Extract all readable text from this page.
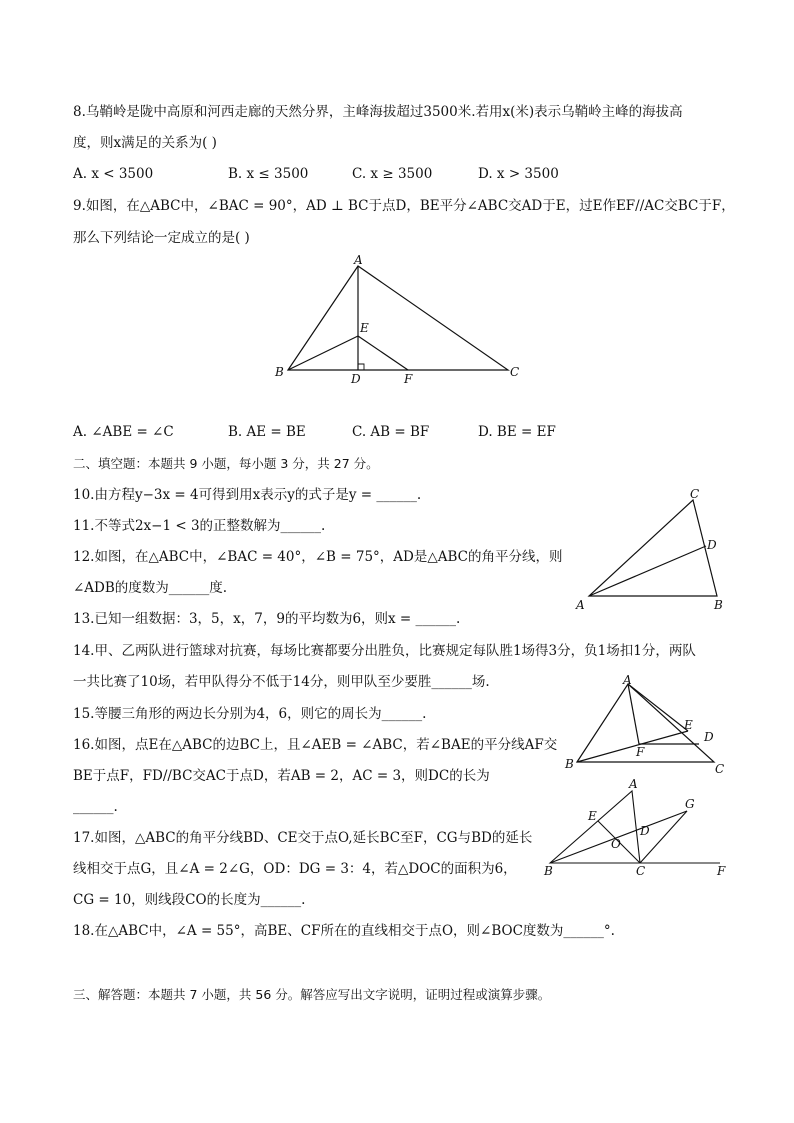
8.乌鞘岭是陇中高原和河西走廊的天然分界，主峰海拔超过3500米.若用x(米)表示乌鞘岭主峰的海拔高
度，则x满足的关系为( )
A. x < 3500	B. x ≤ 3500	C. x ≥ 3500	D. x > 3500
9.如图，在△ABC中，∠BAC = 90°，AD ⊥ BC于点D，BE平分∠ABC交AD于E，过E作EF//AC交BC于F，
那么下列结论一定成立的是( )
A
B	C
D
E
F
A. ∠ABE = ∠C	B. AE = BE	C. AB = BF	D. BE = EF
二、填空题：本题共 9 小题，每小题 3 分，共 27 分。
10.由方程y−3x = 4可得到用x表示y的式子是y = ______.
11.不等式2x−1 < 3的正整数解为______.
12.如图，在△ABC中，∠BAC = 40°，∠B = 75°，AD是△ABC的角平分线，则
∠ADB的度数为______度.
A	B
C
D
13.已知一组数据：3，5，x，7，9的平均数为6，则x = ______.
14.甲、乙两队进行篮球对抗赛，每场比赛都要分出胜负，比赛规定每队胜1场得3分，负1场扣1分，两队
一共比赛了10场，若甲队得分不低于14分，则甲队至少要胜______场.	A
B	C
D
E
F
15.等腰三角形的两边长分别为4，6，则它的周长为______.
16.如图，点E在△ABC的边BC上，且∠AEB = ∠ABC，若∠BAE的平分线AF交
BE于点F，FD//BC交AC于点D，若AB = 2，AC = 3，则DC的长为
______.
A
B	C
D
E
F
G
O
17.如图，△ABC的角平分线BD、CE交于点O,延长BC至F，CG与BD的延长
线相交于点G，且∠A = 2∠G，OD：DG = 3：4，若△DOC的面积为6，
CG = 10，则线段CO的长度为______.
18.在△ABC中，∠A = 55°，高BE、CF所在的直线相交于点O，则∠BOC度数为______°.
三、解答题：本题共 7 小题，共 56 分。解答应写出文字说明，证明过程或演算步骤。
